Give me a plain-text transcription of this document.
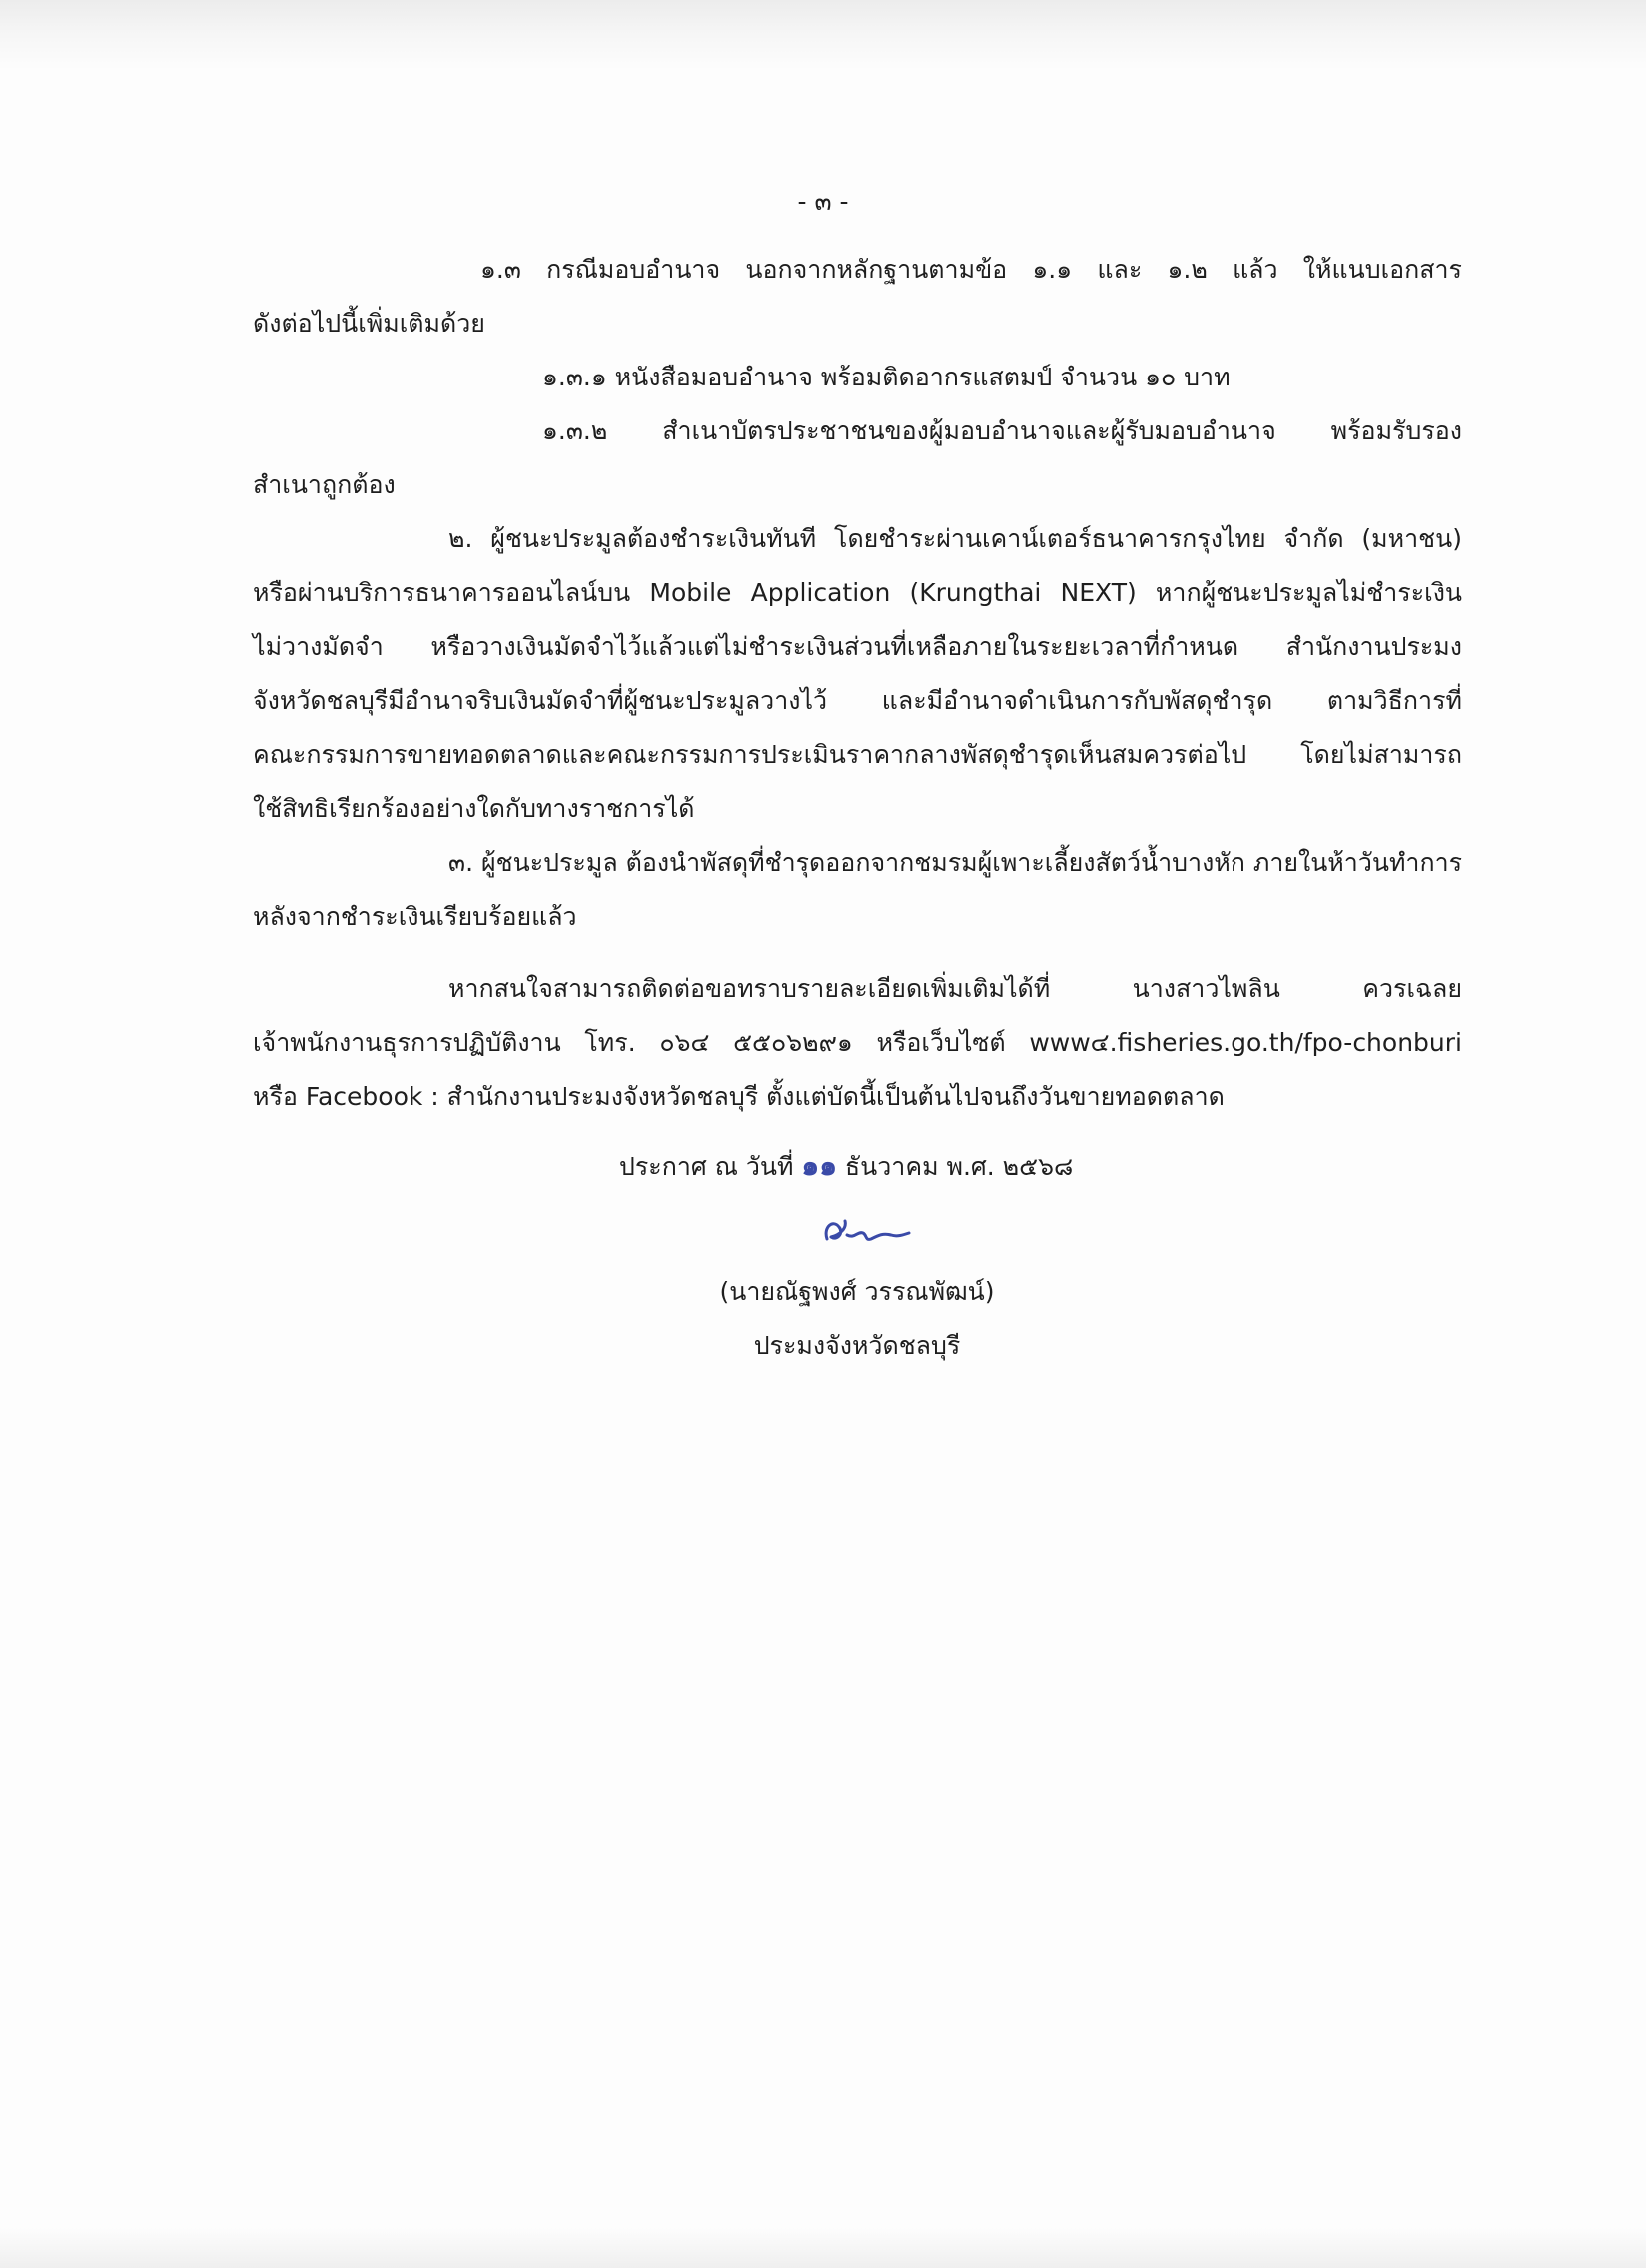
- ๓ -
๑.๓ กรณีมอบอำนาจ นอกจากหลักฐานตามข้อ ๑.๑ และ ๑.๒ แล้ว ให้แนบเอกสาร
ดังต่อไปนี้เพิ่มเติมด้วย
๑.๓.๑ หนังสือมอบอำนาจ พร้อมติดอากรแสตมป์ จำนวน ๑๐ บาท
๑.๓.๒ สำเนาบัตรประชาชนของผู้มอบอำนาจและผู้รับมอบอำนาจ พร้อมรับรอง
สำเนาถูกต้อง
๒. ผู้ชนะประมูลต้องชำระเงินทันที โดยชำระผ่านเคาน์เตอร์ธนาคารกรุงไทย จำกัด (มหาชน)
หรือผ่านบริการธนาคารออนไลน์บน Mobile Application (Krungthai NEXT) หากผู้ชนะประมูลไม่ชำระเงิน
ไม่วางมัดจำ หรือวางเงินมัดจำไว้แล้วแต่ไม่ชำระเงินส่วนที่เหลือภายในระยะเวลาที่กำหนด สำนักงานประมง
จังหวัดชลบุรีมีอำนาจริบเงินมัดจำที่ผู้ชนะประมูลวางไว้ และมีอำนาจดำเนินการกับพัสดุชำรุด ตามวิธีการที่
คณะกรรมการขายทอดตลาดและคณะกรรมการประเมินราคากลางพัสดุชำรุดเห็นสมควรต่อไป โดยไม่สามารถ
ใช้สิทธิเรียกร้องอย่างใดกับทางราชการได้
๓. ผู้ชนะประมูล ต้องนำพัสดุที่ชำรุดออกจากชมรมผู้เพาะเลี้ยงสัตว์น้ำบางหัก ภายในห้าวันทำการ
หลังจากชำระเงินเรียบร้อยแล้ว
หากสนใจสามารถติดต่อขอทราบรายละเอียดเพิ่มเติมได้ที่ นางสาวไพลิน ควรเฉลย
เจ้าพนักงานธุรการปฏิบัติงาน โทร. ๐๖๔ ๕๕๐๖๒๙๑ หรือเว็บไซต์ www๔.fisheries.go.th/fpo-chonburi
หรือ Facebook : สำนักงานประมงจังหวัดชลบุรี ตั้งแต่บัดนี้เป็นต้นไปจนถึงวันขายทอดตลาด
ประกาศ ณ วันที่ ๑๑ ธันวาคม พ.ศ. ๒๕๖๘
(นายณัฐพงศ์ วรรณพัฒน์)
ประมงจังหวัดชลบุรี
